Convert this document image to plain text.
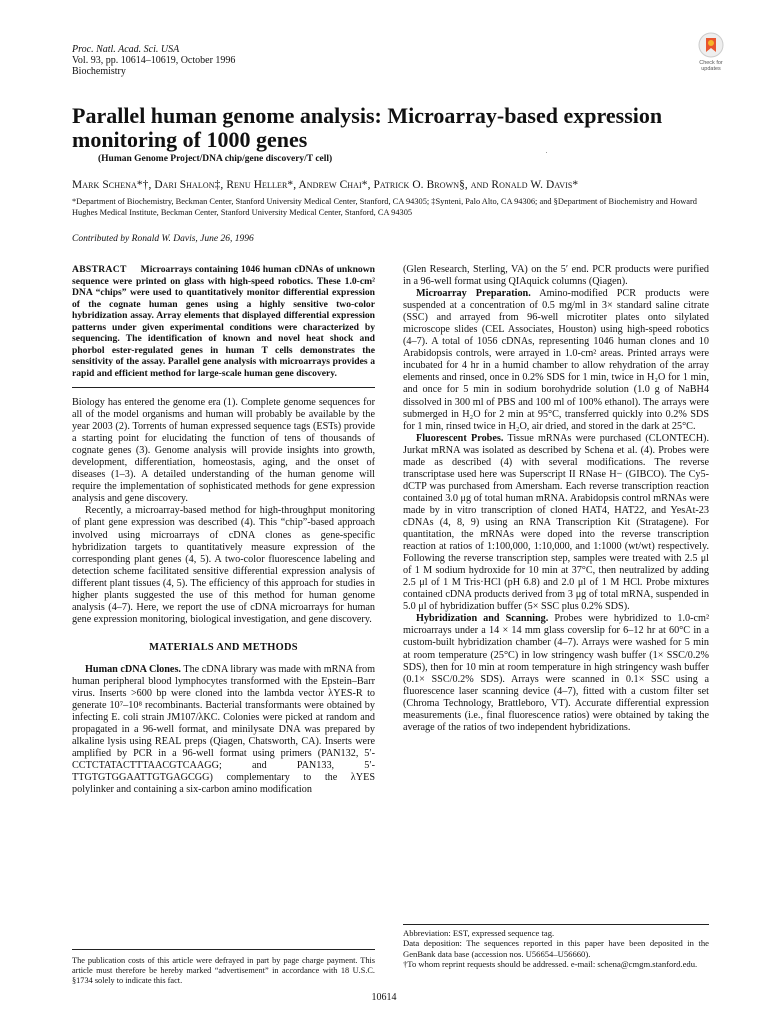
Proc. Natl. Acad. Sci. USA
Vol. 93, pp. 10614–10619, October 1996
Biochemistry
Check for
updates
Parallel human genome analysis: Microarray-based expression monitoring of 1000 genes
(Human Genome Project/DNA chip/gene discovery/T cell)
Mark Schena*†, Dari Shalon‡, Renu Heller*, Andrew Chai*, Patrick O. Brown§, and Ronald W. Davis*
*Department of Biochemistry, Beckman Center, Stanford University Medical Center, Stanford, CA 94305; ‡Synteni, Palo Alto, CA 94306; and §Department of Biochemistry and Howard Hughes Medical Institute, Beckman Center, Stanford University Medical Center, Stanford, CA 94305
Contributed by Ronald W. Davis, June 26, 1996

ABSTRACT Microarrays containing 1046 human cDNAs of unknown sequence were printed on glass with high-speed robotics. These 1.0-cm² DNA “chips” were used to quantitatively monitor differential expression of the cognate human genes using a highly sensitive two-color hybridization assay. Array elements that displayed differential expression patterns under given experimental conditions were characterized by sequencing. The identification of known and novel heat shock and phorbol ester-regulated genes in human T cells demonstrates the sensitivity of the assay. Parallel gene analysis with microarrays provides a rapid and efficient method for large-scale human gene discovery.

Biology has entered the genome era (1). Complete genome sequences for all of the model organisms and human will probably be available by the year 2003 (2). Torrents of human expressed sequence tags (ESTs) provide a starting point for elucidating the function of tens of thousands of cognate genes (3). Genome analysis will provide insights into growth, development, differentiation, homeostasis, aging, and the onset of diseases (1–3). A detailed understanding of the human genome will require the implementation of sophisticated methods for gene expression analysis and gene discovery.

Recently, a microarray-based method for high-throughput monitoring of plant gene expression was described (4). This “chip”-based approach involved using microarrays of cDNA clones as gene-specific hybridization targets to quantitatively measure expression of the corresponding plant genes (4, 5). A two-color fluorescence labeling and detection scheme facilitated sensitive differential expression analysis of different plant tissues (4, 5). The efficiency of this approach for studies in higher plants suggested the use of this method for human genome analysis (4–7). Here, we report the use of cDNA microarrays for human gene expression monitoring, biological investigation, and gene discovery.

MATERIALS AND METHODS

Human cDNA Clones. The cDNA library was made with mRNA from human peripheral blood lymphocytes transformed with the Epstein–Barr virus. Inserts >600 bp were cloned into the lambda vector λYES-R to generate 10⁷–10⁸ recombinants. Bacterial transformants were obtained by infecting E. coli strain JM107/λKC. Colonies were picked at random and propagated in a 96-well format, and minilysate DNA was prepared by alkaline lysis using REAL preps (Qiagen, Chatsworth, CA). Inserts were amplified by PCR in a 96-well format using primers (PAN132, 5′-CCTCTATACTTTAACGTCAAGG; and PAN133, 5′-TTGTGTGGAATTGTGAGCGG) complementary to the λYES polylinker and containing a six-carbon amino modification

(Glen Research, Sterling, VA) on the 5′ end. PCR products were purified in a 96-well format using QIAquick columns (Qiagen).

Microarray Preparation. Amino-modified PCR products were suspended at a concentration of 0.5 mg/ml in 3× standard saline citrate (SSC) and arrayed from 96-well microtiter plates onto silylated microscope slides (CEL Associates, Houston) using high-speed robotics (4–7). A total of 1056 cDNAs, representing 1046 human clones and 10 Arabidopsis controls, were arrayed in 1.0-cm² areas. Printed arrays were incubated for 4 hr in a humid chamber to allow rehydration of the array elements and rinsed, once in 0.2% SDS for 1 min, twice in H₂O for 1 min, and once for 5 min in sodium borohydride solution (1.0 g of NaBH4 dissolved in 300 ml of PBS and 100 ml of 100% ethanol). The arrays were submerged in H₂O for 2 min at 95°C, transferred quickly into 0.2% SDS for 1 min, rinsed twice in H₂O, air dried, and stored in the dark at 25°C.

Fluorescent Probes. Tissue mRNAs were purchased (CLONTECH). Jurkat mRNA was isolated as described by Schena et al. (4). Probes were made as described (4) with several modifications. The reverse transcriptase used here was Superscript II RNase H− (GIBCO). The Cy5-dCTP was purchased from Amersham. Each reverse transcription reaction contained 3.0 μg of total human mRNA. Arabidopsis control mRNAs were made by in vitro transcription of cloned HAT4, HAT22, and YesAt-23 cDNAs (4, 8, 9) using an RNA Transcription Kit (Stratagene). For quantitation, the mRNAs were doped into the reverse transcription reaction at ratios of 1:100,000, 1:10,000, and 1:1000 (wt/wt) respectively. Following the reverse transcription step, samples were treated with 2.5 μl of 1 M sodium hydroxide for 10 min at 37°C, then neutralized by adding 2.5 μl of 1 M Tris·HCl (pH 6.8) and 2.0 μl of 1 M HCl. Probe mixtures contained cDNA products derived from 3 μg of total mRNA, suspended in 5.0 μl of hybridization buffer (5× SSC plus 0.2% SDS).

Hybridization and Scanning. Probes were hybridized to 1.0-cm² microarrays under a 14 × 14 mm glass coverslip for 6–12 hr at 60°C in a custom-built hybridization chamber (4–7). Arrays were washed for 5 min at room temperature (25°C) in low stringency wash buffer (1× SSC/0.2% SDS), then for 10 min at room temperature in high stringency wash buffer (0.1× SSC/0.2% SDS). Arrays were scanned in 0.1× SSC using a fluorescence laser scanning device (4–7), fitted with a custom filter set (Chroma Technology, Brattleboro, VT). Accurate differential expression measurements (i.e., final fluorescence ratios) were obtained by taking the average of the ratios of two independent hybridizations.

The publication costs of this article were defrayed in part by page charge payment. This article must therefore be hereby marked “advertisement” in accordance with 18 U.S.C. §1734 solely to indicate this fact.
Abbreviation: EST, expressed sequence tag.
Data deposition: The sequences reported in this paper have been deposited in the GenBank data base (accession nos. U56654–U56660).
†To whom reprint requests should be addressed. e-mail: schena@cmgm.stanford.edu.
10614
